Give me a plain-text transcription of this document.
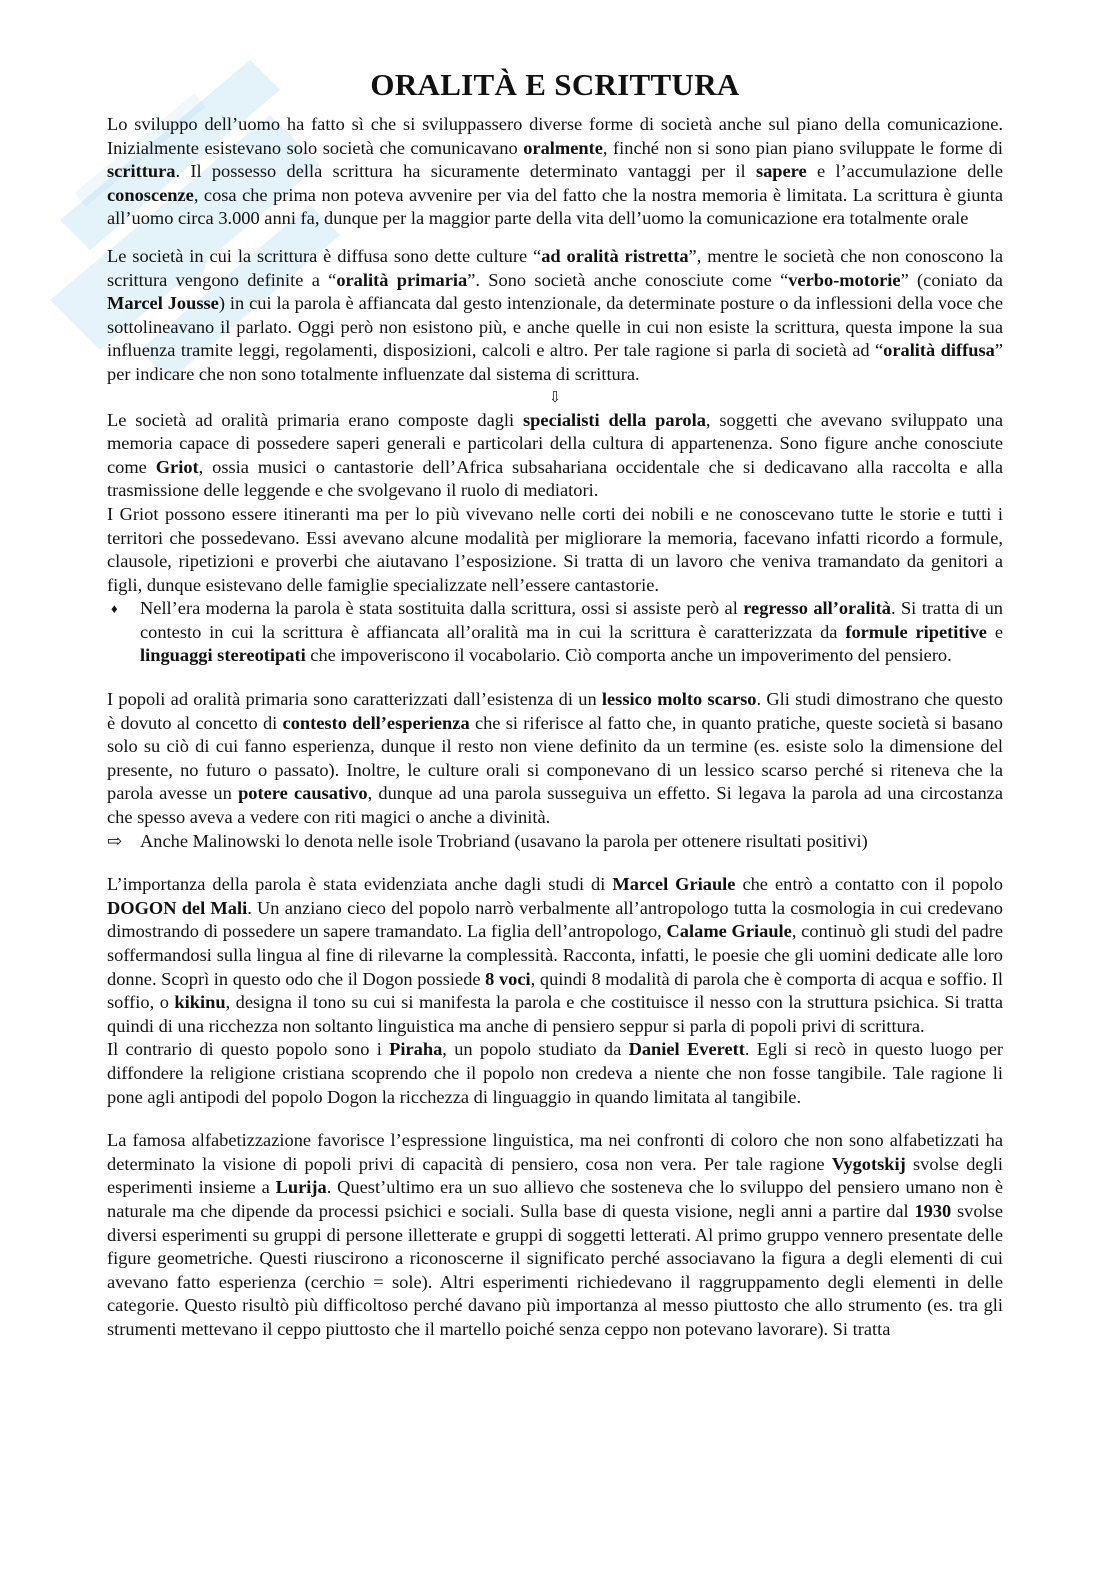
ORALITÀ E SCRITTURA

Lo sviluppo dell’uomo ha fatto sì che si sviluppassero diverse forme di società anche sul piano della comunicazione. Inizialmente esistevano solo società che comunicavano oralmente, finché non si sono pian piano sviluppate le forme di scrittura. Il possesso della scrittura ha sicuramente determinato vantaggi per il sapere e l’accumulazione delle conoscenze, cosa che prima non poteva avvenire per via del fatto che la nostra memoria è limitata. La scrittura è giunta all’uomo circa 3.000 anni fa, dunque per la maggior parte della vita dell’uomo la comunicazione era totalmente orale

Le società in cui la scrittura è diffusa sono dette culture “ad oralità ristretta”, mentre le società che non conoscono la scrittura vengono definite a “oralità primaria”. Sono società anche conosciute come “verbo-motorie” (coniato da Marcel Jousse) in cui la parola è affiancata dal gesto intenzionale, da determinate posture o da inflessioni della voce che sottolineavano il parlato. Oggi però non esistono più, e anche quelle in cui non esiste la scrittura, questa impone la sua influenza tramite leggi, regolamenti, disposizioni, calcoli e altro. Per tale ragione si parla di società ad “oralità diffusa” per indicare che non sono totalmente influenzate dal sistema di scrittura.

⇩

Le società ad oralità primaria erano composte dagli specialisti della parola, soggetti che avevano sviluppato una memoria capace di possedere saperi generali e particolari della cultura di appartenenza. Sono figure anche conosciute come Griot, ossia musici o cantastorie dell’Africa subsahariana occidentale che si dedicavano alla raccolta e alla trasmissione delle leggende e che svolgevano il ruolo di mediatori.

I Griot possono essere itineranti ma per lo più vivevano nelle corti dei nobili e ne conoscevano tutte le storie e tutti i territori che possedevano. Essi avevano alcune modalità per migliorare la memoria, facevano infatti ricordo a formule, clausole, ripetizioni e proverbi che aiutavano l’esposizione. Si tratta di un lavoro che veniva tramandato da genitori a figli, dunque esistevano delle famiglie specializzate nell’essere cantastorie.

♦ Nell’era moderna la parola è stata sostituita dalla scrittura, ossi si assiste però al regresso all’oralità. Si tratta di un contesto in cui la scrittura è affiancata all’oralità ma in cui la scrittura è caratterizzata da formule ripetitive e linguaggi stereotipati che impoveriscono il vocabolario. Ciò comporta anche un impoverimento del pensiero.

I popoli ad oralità primaria sono caratterizzati dall’esistenza di un lessico molto scarso. Gli studi dimostrano che questo è dovuto al concetto di contesto dell’esperienza che si riferisce al fatto che, in quanto pratiche, queste società si basano solo su ciò di cui fanno esperienza, dunque il resto non viene definito da un termine (es. esiste solo la dimensione del presente, no futuro o passato). Inoltre, le culture orali si componevano di un lessico scarso perché si riteneva che la parola avesse un potere causativo, dunque ad una parola susseguiva un effetto. Si legava la parola ad una circostanza che spesso aveva a vedere con riti magici o anche a divinità.

⇨ Anche Malinowski lo denota nelle isole Trobriand (usavano la parola per ottenere risultati positivi)

L’importanza della parola è stata evidenziata anche dagli studi di Marcel Griaule che entrò a contatto con il popolo DOGON del Mali. Un anziano cieco del popolo narrò verbalmente all’antropologo tutta la cosmologia in cui credevano dimostrando di possedere un sapere tramandato. La figlia dell’antropologo, Calame Griaule, continuò gli studi del padre soffermandosi sulla lingua al fine di rilevarne la complessità. Racconta, infatti, le poesie che gli uomini dedicate alle loro donne. Scoprì in questo odo che il Dogon possiede 8 voci, quindi 8 modalità di parola che è comporta di acqua e soffio. Il soffio, o kikinu, designa il tono su cui si manifesta la parola e che costituisce il nesso con la struttura psichica. Si tratta quindi di una ricchezza non soltanto linguistica ma anche di pensiero seppur si parla di popoli privi di scrittura.

Il contrario di questo popolo sono i Piraha, un popolo studiato da Daniel Everett. Egli si recò in questo luogo per diffondere la religione cristiana scoprendo che il popolo non credeva a niente che non fosse tangibile. Tale ragione li pone agli antipodi del popolo Dogon la ricchezza di linguaggio in quando limitata al tangibile.

La famosa alfabetizzazione favorisce l’espressione linguistica, ma nei confronti di coloro che non sono alfabetizzati ha determinato la visione di popoli privi di capacità di pensiero, cosa non vera. Per tale ragione Vygotskij svolse degli esperimenti insieme a Lurija. Quest’ultimo era un suo allievo che sosteneva che lo sviluppo del pensiero umano non è naturale ma che dipende da processi psichici e sociali. Sulla base di questa visione, negli anni a partire dal 1930 svolse diversi esperimenti su gruppi di persone illetterate e gruppi di soggetti letterati. Al primo gruppo vennero presentate delle figure geometriche. Questi riuscirono a riconoscerne il significato perché associavano la figura a degli elementi di cui avevano fatto esperienza (cerchio = sole). Altri esperimenti richiedevano il raggruppamento degli elementi in delle categorie. Questo risultò più difficoltoso perché davano più importanza al messo piuttosto che allo strumento (es. tra gli strumenti mettevano il ceppo piuttosto che il martello poiché senza ceppo non potevano lavorare). Si tratta
